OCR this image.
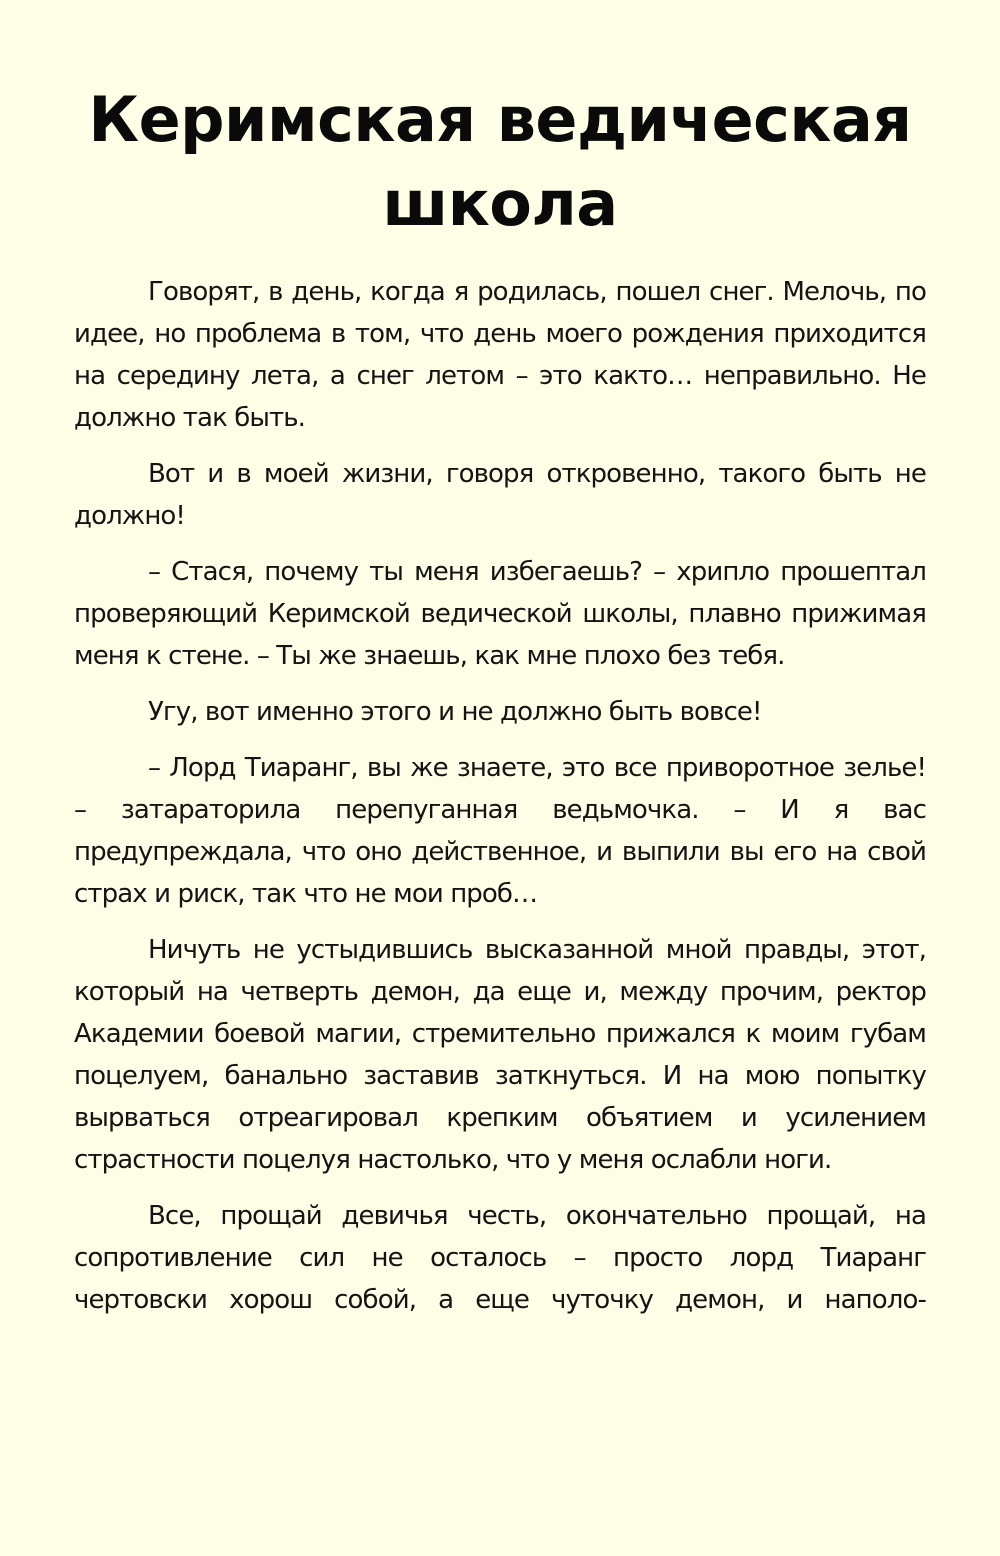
Керимская ведическая школа

Говорят, в день, когда я родилась, пошел снег. Мелочь, по идее, но проблема в том, что день моего рождения приходится на середину лета, а снег летом – это както… неправильно. Не должно так быть.

Вот и в моей жизни, говоря откровенно, такого быть не должно!

– Стася, почему ты меня избегаешь? – хрипло прошептал проверяющий Керимской ведической школы, плавно прижимая меня к стене. – Ты же знаешь, как мне плохо без тебя.

Угу, вот именно этого и не должно быть вовсе!

– Лорд Тиаранг, вы же знаете, это все приворотное зелье! – затараторила перепуганная ведьмочка. – И я вас предупреждала, что оно действенное, и выпили вы его на свой страх и риск, так что не мои проб…

Ничуть не устыдившись высказанной мной правды, этот, который на четверть демон, да еще и, между прочим, ректор Академии боевой магии, стремительно прижался к моим губам поцелуем, банально заставив заткнуться. И на мою попытку вырваться отреагировал крепким объятием и усилением страстности поцелуя настолько, что у меня ослабли ноги.

Все, прощай девичья честь, окончательно прощай, на сопротивление сил не осталось – просто лорд Тиаранг чертовски хорош собой, а еще чуточку демон, и наполо-
